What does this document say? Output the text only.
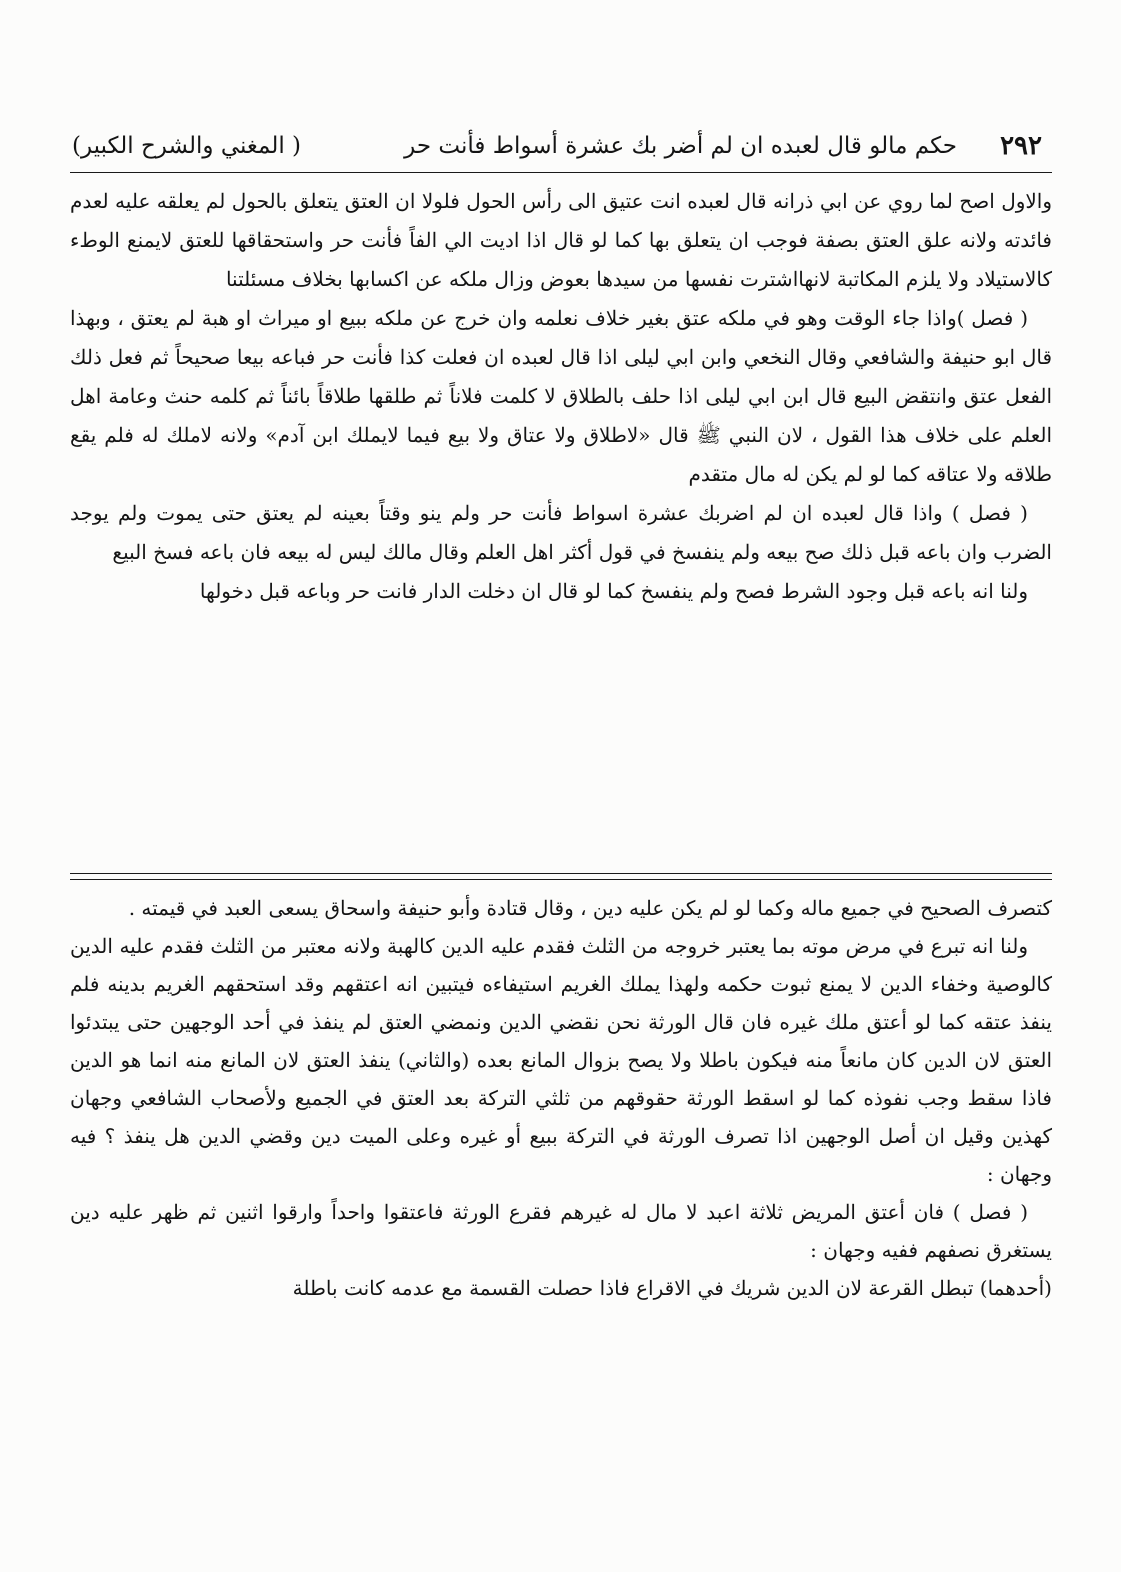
٢٩٢
حكم مالو قال لعبده ان لم أضر بك عشرة أسواط فأنت حر
( المغني والشرح الكبير)

والاول اصح لما روي عن ابي ذرانه قال لعبده انت عتيق الى رأس الحول فلولا ان العتق يتعلق بالحول لم يعلقه عليه لعدم فائدته ولانه علق العتق بصفة فوجب ان يتعلق بها كما لو قال اذا اديت الي الفاً فأنت حر واستحقاقها للعتق لايمنع الوطء كالاستيلاد ولا يلزم المكاتبة لانهااشترت نفسها من سيدها بعوض وزال ملكه عن اكسابها بخلاف مسئلتنا

( فصل )واذا جاء الوقت وهو في ملكه عتق بغير خلاف نعلمه وان خرج عن ملكه ببيع او ميراث او هبة لم يعتق ، وبهذا قال ابو حنيفة والشافعي وقال النخعي وابن ابي ليلى اذا قال لعبده ان فعلت كذا فأنت حر فباعه بيعا صحيحاً ثم فعل ذلك الفعل عتق وانتقض البيع قال ابن ابي ليلى اذا حلف بالطلاق لا كلمت فلاناً ثم طلقها طلاقاً بائناً ثم كلمه حنث وعامة اهل العلم على خلاف هذا القول ، لان النبي ﷺ قال «لاطلاق ولا عتاق ولا بيع فيما لايملك ابن آدم» ولانه لاملك له فلم يقع طلاقه ولا عتاقه كما لو لم يكن له مال متقدم

( فصل ) واذا قال لعبده ان لم اضربك عشرة اسواط فأنت حر ولم ينو وقتاً بعينه لم يعتق حتى يموت ولم يوجد الضرب وان باعه قبل ذلك صح بيعه ولم ينفسخ في قول أكثر اهل العلم وقال مالك ليس له بيعه فان باعه فسخ البيع

ولنا انه باعه قبل وجود الشرط فصح ولم ينفسخ كما لو قال ان دخلت الدار فانت حر وباعه قبل دخولها

كتصرف الصحيح في جميع ماله وكما لو لم يكن عليه دين ، وقال قتادة وأبو حنيفة واسحاق يسعى العبد في قيمته .

ولنا انه تبرع في مرض موته بما يعتبر خروجه من الثلث فقدم عليه الدين كالهبة ولانه معتبر من الثلث فقدم عليه الدين كالوصية وخفاء الدين لا يمنع ثبوت حكمه ولهذا يملك الغريم استيفاءه فيتبين انه اعتقهم وقد استحقهم الغريم بدينه فلم ينفذ عتقه كما لو أعتق ملك غيره فان قال الورثة نحن نقضي الدين ونمضي العتق لم ينفذ في أحد الوجهين حتى يبتدئوا العتق لان الدين كان مانعاً منه فيكون باطلا ولا يصح بزوال المانع بعده (والثاني) ينفذ العتق لان المانع منه انما هو الدين فاذا سقط وجب نفوذه كما لو اسقط الورثة حقوقهم من ثلثي التركة بعد العتق في الجميع ولأصحاب الشافعي وجهان كهذين وقيل ان أصل الوجهين اذا تصرف الورثة في التركة ببيع أو غيره وعلى الميت دين وقضي الدين هل ينفذ ؟ فيه وجهان :

( فصل ) فان أعتق المريض ثلاثة اعبد لا مال له غيرهم فقرع الورثة فاعتقوا واحداً وارقوا اثنين ثم ظهر عليه دين يستغرق نصفهم ففيه وجهان :

(أحدهما) تبطل القرعة لان الدين شريك في الاقراع فاذا حصلت القسمة مع عدمه كانت باطلة
